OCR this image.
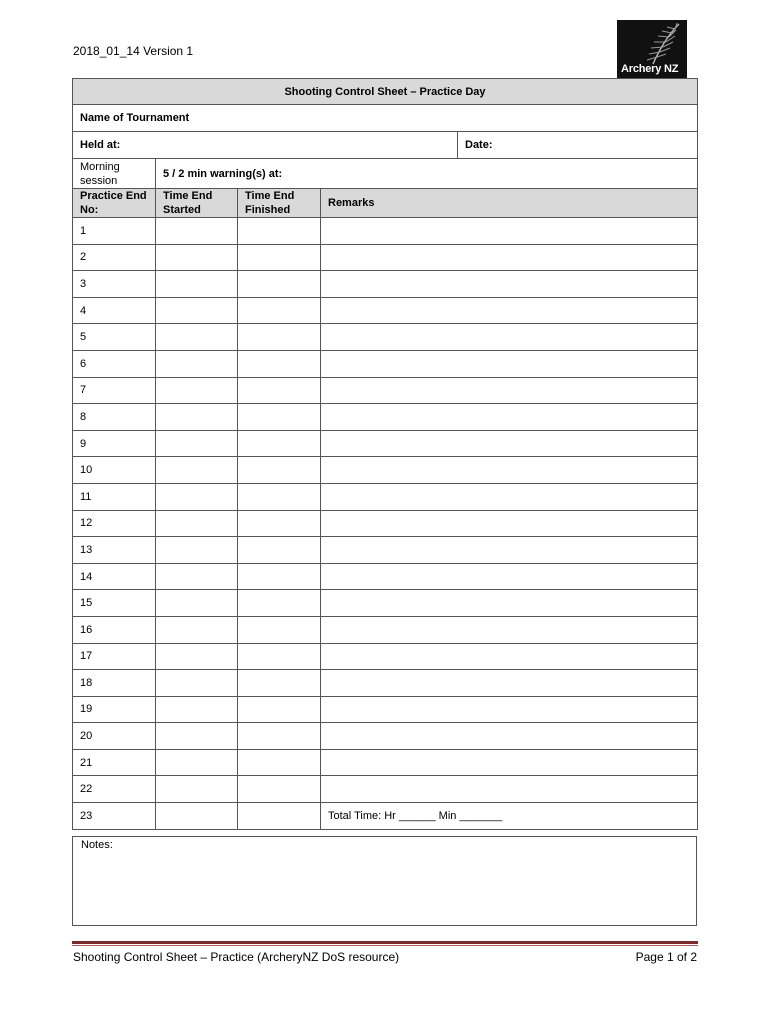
2018_01_14 Version 1
Archery NZ
Shooting Control Sheet – Practice Day				
Name of Tournament				
Held at:				Date:
Morning session	5 / 2 min warning(s) at:			
Practice End No:	Time End Started	Time End Finished	Remarks	
1				
2				
3				
4				
5				
6				
7				
8				
9				
10				
11				
12				
13				
14				
15				
16				
17				
18				
19				
20				
21				
22				
23			Total Time: Hr ______ Min _______	
Notes:
Shooting Control Sheet – Practice (ArcheryNZ DoS resource)	Page 1 of 2
